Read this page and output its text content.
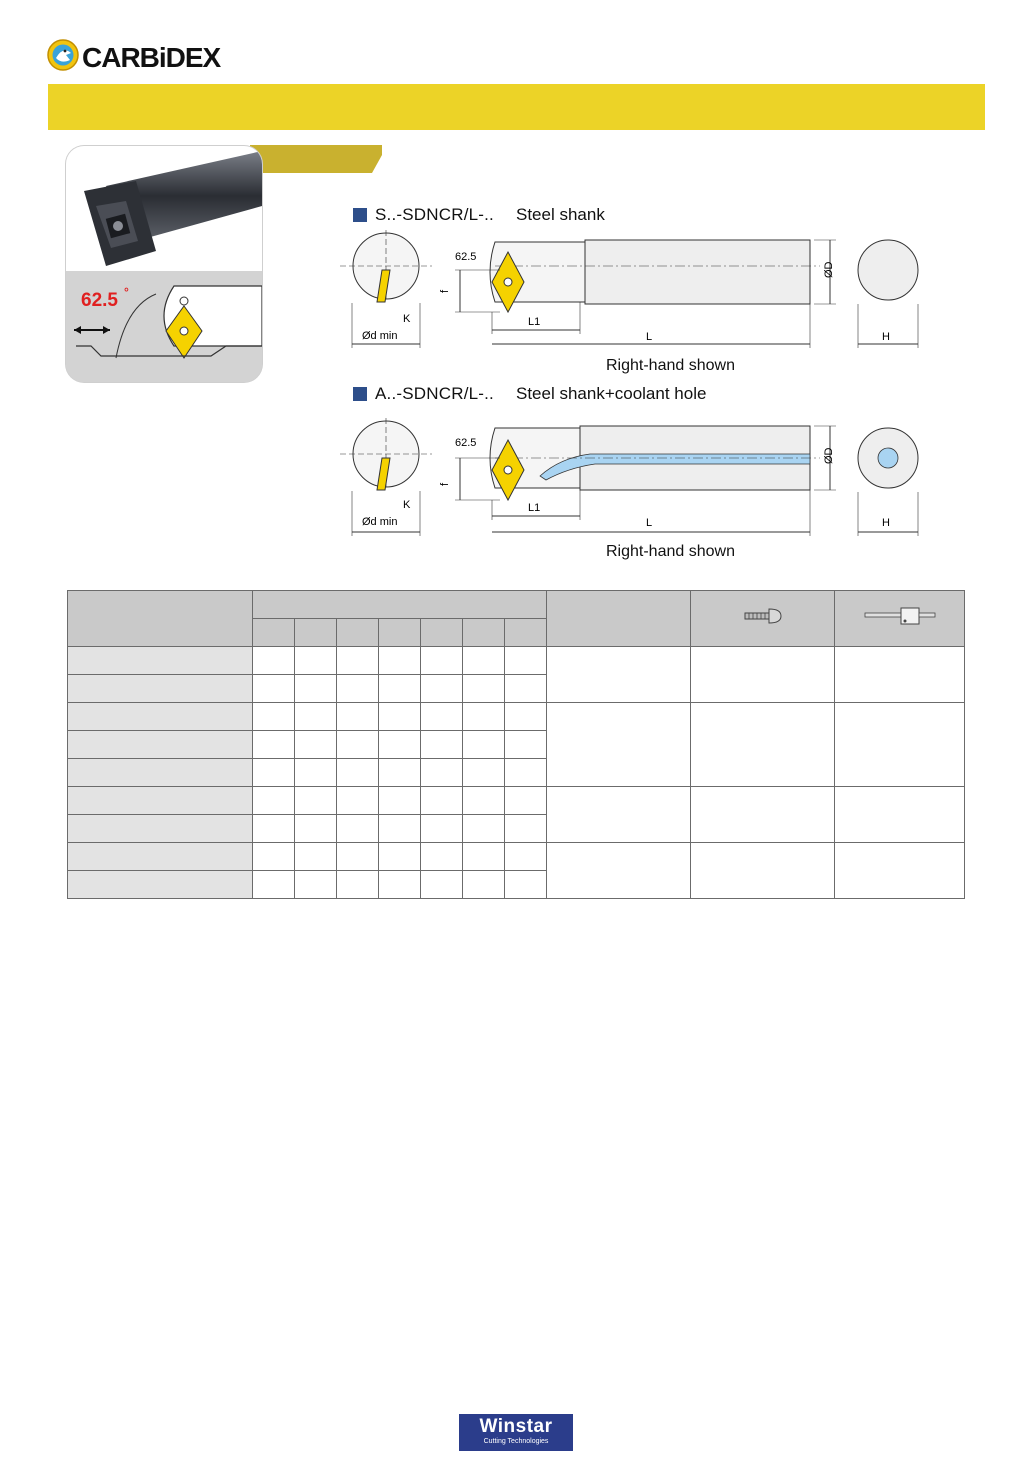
CARBiDEX
62.5 °
S..-SDNCR/L-.. Steel shank
Ød min
K
62.5
f
L1
L
ØD
H
Right-hand shown
A..-SDNCR/L-.. Steel shank+coolant hole
Ød min
K
62.5
f
L1
L
ØD
H
Right-hand shown

Winstar
Cutting Technologies
